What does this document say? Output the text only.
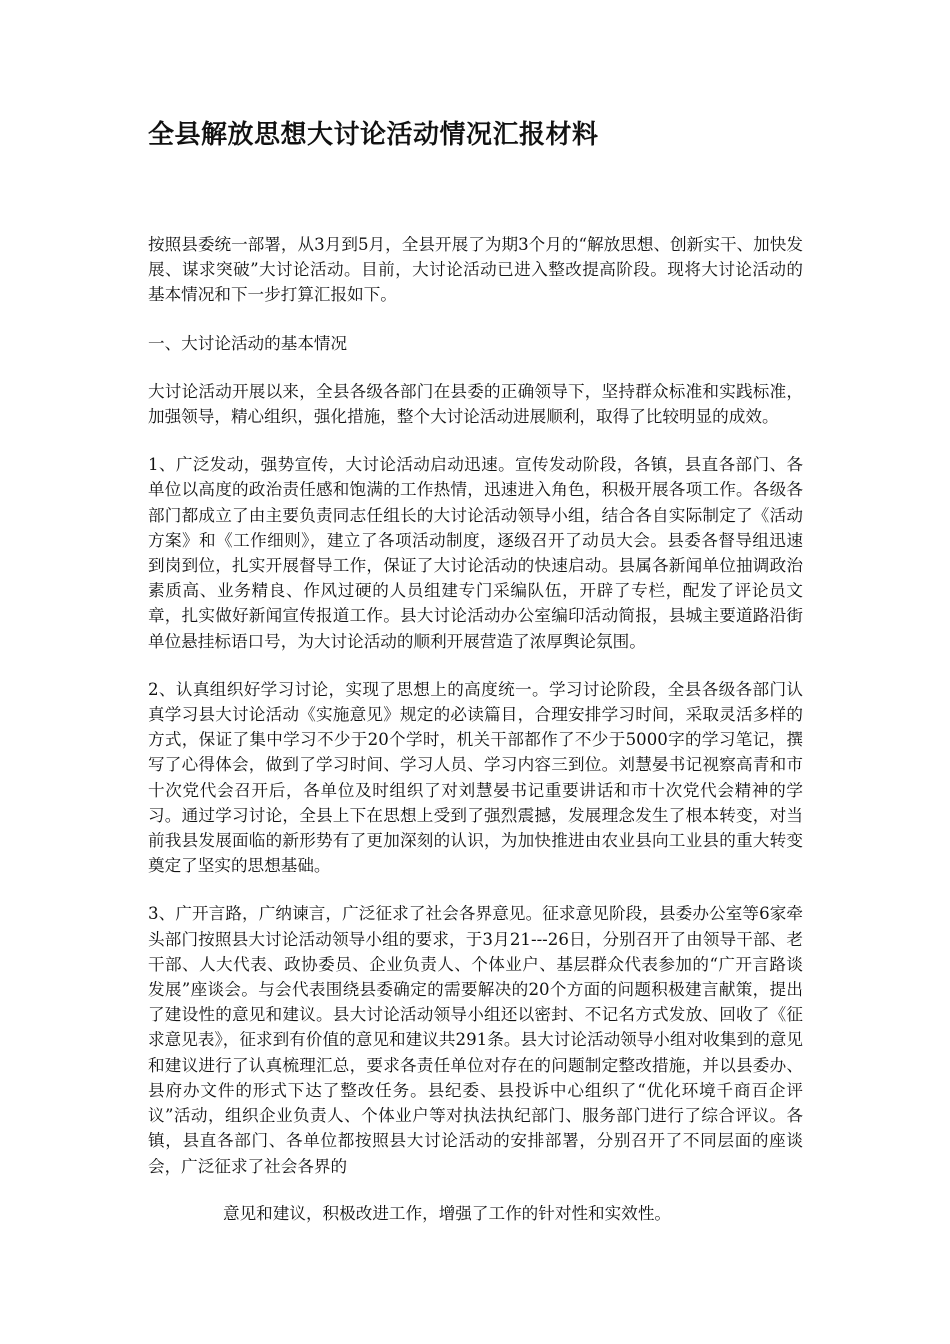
全县解放思想大讨论活动情况汇报材料

按照县委统一部署，从3月到5月，全县开展了为期3个月的“解放思想、创新实干、加快发展、谋求突破”大讨论活动。目前，大讨论活动已进入整改提高阶段。现将大讨论活动的基本情况和下一步打算汇报如下。

一、大讨论活动的基本情况

大讨论活动开展以来，全县各级各部门在县委的正确领导下，坚持群众标准和实践标准，加强领导，精心组织，强化措施，整个大讨论活动进展顺利，取得了比较明显的成效。

1、广泛发动，强势宣传，大讨论活动启动迅速。宣传发动阶段，各镇，县直各部门、各单位以高度的政治责任感和饱满的工作热情，迅速进入角色，积极开展各项工作。各级各部门都成立了由主要负责同志任组长的大讨论活动领导小组，结合各自实际制定了《活动方案》和《工作细则》，建立了各项活动制度，逐级召开了动员大会。县委各督导组迅速到岗到位，扎实开展督导工作，保证了大讨论活动的快速启动。县属各新闻单位抽调政治素质高、业务精良、作风过硬的人员组建专门采编队伍，开辟了专栏，配发了评论员文章，扎实做好新闻宣传报道工作。县大讨论活动办公室编印活动简报，县城主要道路沿街单位悬挂标语口号，为大讨论活动的顺利开展营造了浓厚舆论氛围。

2、认真组织好学习讨论，实现了思想上的高度统一。学习讨论阶段，全县各级各部门认真学习县大讨论活动《实施意见》规定的必读篇目，合理安排学习时间，采取灵活多样的方式，保证了集中学习不少于20个学时，机关干部都作了不少于5000字的学习笔记，撰写了心得体会，做到了学习时间、学习人员、学习内容三到位。刘慧晏书记视察高青和市十次党代会召开后，各单位及时组织了对刘慧晏书记重要讲话和市十次党代会精神的学习。通过学习讨论，全县上下在思想上受到了强烈震撼，发展理念发生了根本转变，对当前我县发展面临的新形势有了更加深刻的认识，为加快推进由农业县向工业县的重大转变奠定了坚实的思想基础。

3、广开言路，广纳谏言，广泛征求了社会各界意见。征求意见阶段，县委办公室等6家牵头部门按照县大讨论活动领导小组的要求，于3月21---26日，分别召开了由领导干部、老干部、人大代表、政协委员、企业负责人、个体业户、基层群众代表参加的“广开言路谈发展”座谈会。与会代表围绕县委确定的需要解决的20个方面的问题积极建言献策，提出了建设性的意见和建议。县大讨论活动领导小组还以密封、不记名方式发放、回收了《征求意见表》，征求到有价值的意见和建议共291条。县大讨论活动领导小组对收集到的意见和建议进行了认真梳理汇总，要求各责任单位对存在的问题制定整改措施，并以县委办、县府办文件的形式下达了整改任务。县纪委、县投诉中心组织了“优化环境千商百企评议”活动，组织企业负责人、个体业户等对执法执纪部门、服务部门进行了综合评议。各镇，县直各部门、各单位都按照县大讨论活动的安排部署，分别召开了不同层面的座谈会，广泛征求了社会各界的

意见和建议，积极改进工作，增强了工作的针对性和实效性。
